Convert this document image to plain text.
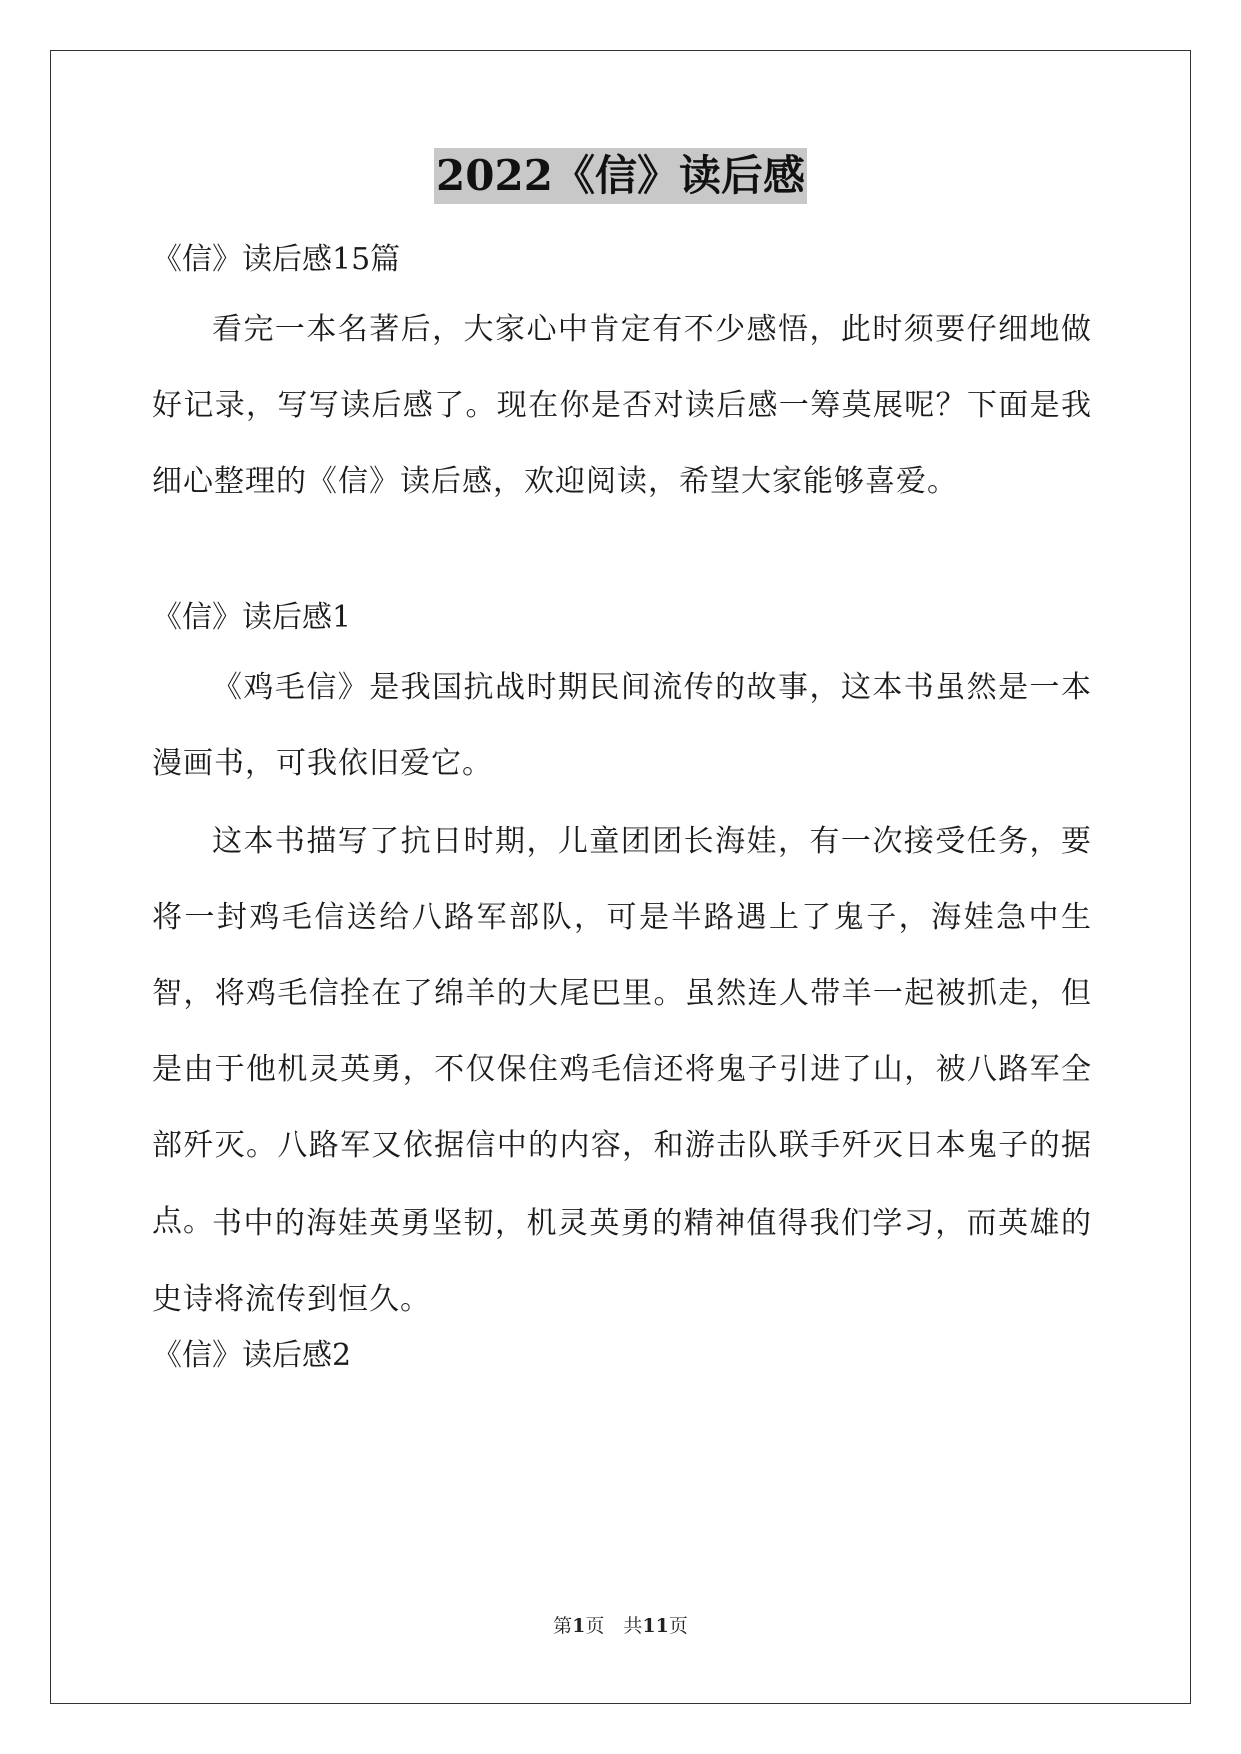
2022《信》读后感
《信》读后感15篇

看完一本名著后，大家心中肯定有不少感悟，此时须要仔细地做好记录，写写读后感了。现在你是否对读后感一筹莫展呢？下面是我细心整理的《信》读后感，欢迎阅读，希望大家能够喜爱。

《信》读后感1

《鸡毛信》是我国抗战时期民间流传的故事，这本书虽然是一本漫画书，可我依旧爱它。

这本书描写了抗日时期，儿童团团长海娃，有一次接受任务，要将一封鸡毛信送给八路军部队，可是半路遇上了鬼子，海娃急中生智，将鸡毛信拴在了绵羊的大尾巴里。虽然连人带羊一起被抓走，但是由于他机灵英勇，不仅保住鸡毛信还将鬼子引进了山，被八路军全部歼灭。八路军又依据信中的内容，和游击队联手歼灭日本鬼子的据点。

书中的海娃英勇坚韧，机灵英勇的精神值得我们学习，而英雄的史诗将流传到恒久。

《信》读后感2
第1页　共11页
